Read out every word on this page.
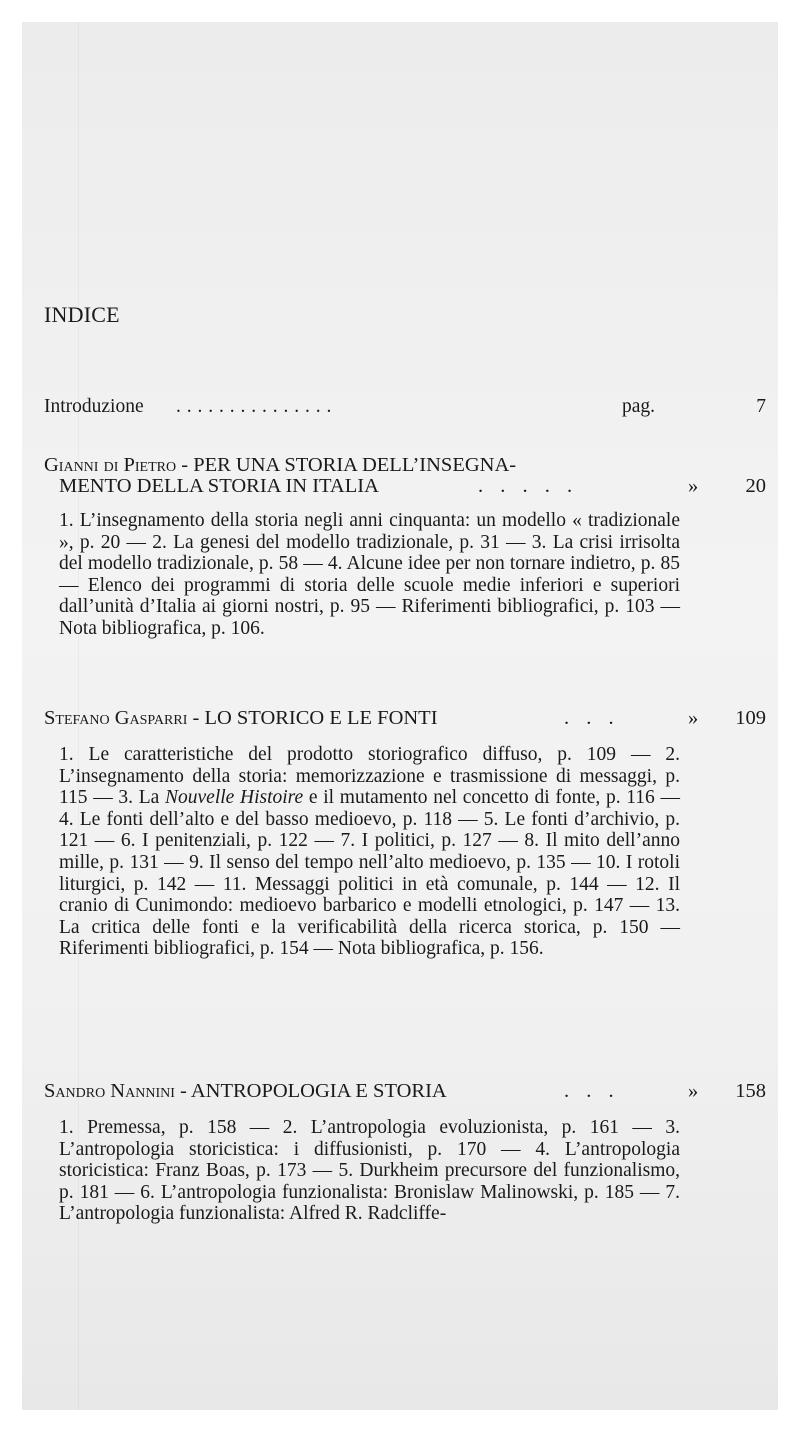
INDICE
Introduzione . . . . . . . . . . . . . . .	pag.	7
Gianni di Pietro - PER UNA STORIA DELL’INSEGNA-
MENTO DELLA STORIA IN ITALIA	. . . . .	» 20

1. L’insegnamento della storia negli anni cinquanta: un modello « tradizionale », p. 20 — 2. La genesi del modello tradizionale, p. 31 — 3. La crisi irrisolta del modello tradizionale, p. 58 — 4. Alcune idee per non tornare indietro, p. 85 — Elenco dei programmi di storia delle scuole medie inferiori e superiori dall’unità d’Italia ai giorni nostri, p. 95 — Riferimenti bibliografici, p. 103 — Nota bibliografica, p. 106.

Stefano Gasparri - LO STORICO E LE FONTI	. . .	» 109

1. Le caratteristiche del prodotto storiografico diffuso, p. 109 — 2. L’insegnamento della storia: memorizzazione e trasmissione di messaggi, p. 115 — 3. La Nouvelle Histoire e il mutamento nel concetto di fonte, p. 116 — 4. Le fonti dell’alto e del basso medioevo, p. 118 — 5. Le fonti d’archivio, p. 121 — 6. I penitenziali, p. 122 — 7. I politici, p. 127 — 8. Il mito dell’anno mille, p. 131 — 9. Il senso del tempo nell’alto medioevo, p. 135 — 10. I rotoli liturgici, p. 142 — 11. Messaggi politici in età comunale, p. 144 — 12. Il cranio di Cunimondo: medioevo barbarico e modelli etnologici, p. 147 — 13. La critica delle fonti e la verificabilità della ricerca storica, p. 150 — Riferimenti bibliografici, p. 154 — Nota bibliografica, p. 156.

Sandro Nannini - ANTROPOLOGIA E STORIA	. . .	» 158

1. Premessa, p. 158 — 2. L’antropologia evoluzionista, p. 161 — 3. L’antropologia storicistica: i diffusionisti, p. 170 — 4. L’antropologia storicistica: Franz Boas, p. 173 — 5. Durkheim precursore del funzionalismo, p. 181 — 6. L’antropologia funzionalista: Bronislaw Malinowski, p. 185 — 7. L’antropologia funzionalista: Alfred R. Radcliffe-
